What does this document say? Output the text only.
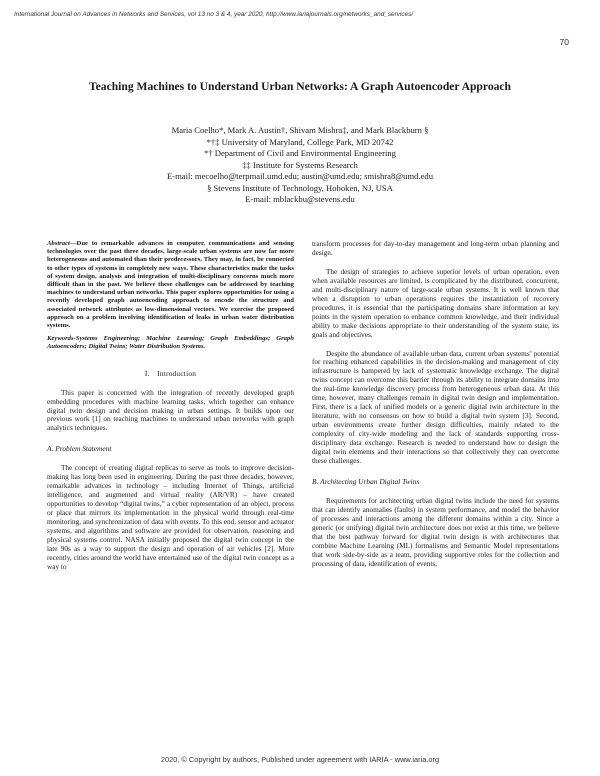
International Journal on Advances in Networks and Services, vol 13 no 3 & 4, year 2020, http://www.iariajournals.org/networks_and_services/
70
Teaching Machines to Understand Urban Networks: A Graph Autoencoder Approach
Maria Coelho*, Mark A. Austin†, Shivam Mishra‡, and Mark Blackburn §
*†‡ University of Maryland, College Park, MD 20742
*† Department of Civil and Environmental Engineering
‡‡ Institute for Systems Research
E-mail: mecoelho@terpmail.umd.edu; austin@umd.edu; smishra8@umd.edu
§ Stevens Institute of Technology, Hoboken, NJ, USA
E-mail: mblackbu@stevens.edu

Abstract—Due to remarkable advances in computer, communications and sensing technologies over the past three decades, large-scale urban systems are now far more heterogeneous and automated than their predecessors. They may, in fact, be connected to other types of systems in completely new ways. These characteristics make the tasks of system design, analysis and integration of multi-disciplinary concerns much more difficult than in the past. We believe these challenges can be addressed by teaching machines to understand urban networks. This paper explores opportunities for using a recently developed graph autoencoding approach to encode the structure and associated network attributes as low-dimensional vectors. We exercise the proposed approach on a problem involving identification of leaks in urban water distribution systems.

Keywords-Systems Engineering; Machine Learning; Graph Embeddings; Graph Autoencoders; Digital Twins; Water Distribution Systems.

I. Introduction

This paper is concerned with the integration of recently developed graph embedding procedures with machine learning tasks, which together can enhance digital twin design and decision making in urban settings. It builds upon our previous work [1] on teaching machines to understand urban networks with graph analytics techniques.

A. Problem Statement

The concept of creating digital replicas to serve as tools to improve decision-making has long been used in engineering. During the past three decades, however, remarkable advances in technology – including Internet of Things, artificial intelligence, and augmented and virtual reality (AR/VR) – have created opportunities to develop “digital twins,” a cyber representation of an object, process or place that mirrors its implementation in the physical world through real-time monitoring, and synchronization of data with events. To this end, sensor and actuator systems, and algorithms and software are provided for observation, reasoning and physical systems control. NASA initially proposed the digital twin concept in the late 90s as a way to support the design and operation of air vehicles [2]. More recently, cities around the world have entertained use of the digital twin concept as a way to

transform processes for day-to-day management and long-term urban planning and design.

The design of strategies to achieve superior levels of urban operation, even when available resources are limited, is complicated by the distributed, concurrent, and multi-disciplinary nature of large-scale urban systems. It is well known that when a disruption to urban operations requires the instantiation of recovery procedures, it is essential that the participating domains share information at key points in the system operation to enhance common knowledge, and their individual ability to make decisions appropriate to their understanding of the system state, its goals and objectives.

Despite the abundance of available urban data, current urban systems’ potential for reaching enhanced capabilities in the decision-making and management of city infrastructure is hampered by lack of systematic knowledge exchange. The digital twins concept can overcome this barrier through its ability to integrate domains into the real-time knowledge discovery process from heterogeneous urban data. At this time, however, many challenges remain in digital twin design and implementation. First, there is a lack of unified models or a generic digital twin architecture in the literature, with no consensus on how to build a digital twin system [3]. Second, urban environments create further design difficulties, mainly related to the complexity of city-wide modeling and the lack of standards supporting cross-disciplinary data exchange. Research is needed to understand how to design the digital twin elements and their interactions so that collectively they can overcome these challenges.

B. Architecting Urban Digital Twins

Requirements for architecting urban digital twins include the need for systems that can identify anomalies (faults) in system performance, and model the behavior of processes and interactions among the different domains within a city. Since a generic (or unifying) digital twin architecture does not exist at this time, we believe that the best pathway forward for digital twin design is with architectures that combine Machine Learning (ML) formalisms and Semantic Model representations that work side-by-side as a team, providing supportive roles for the collection and processing of data, identification of events,

2020, © Copyright by authors, Published under agreement with IARIA - www.iaria.org
